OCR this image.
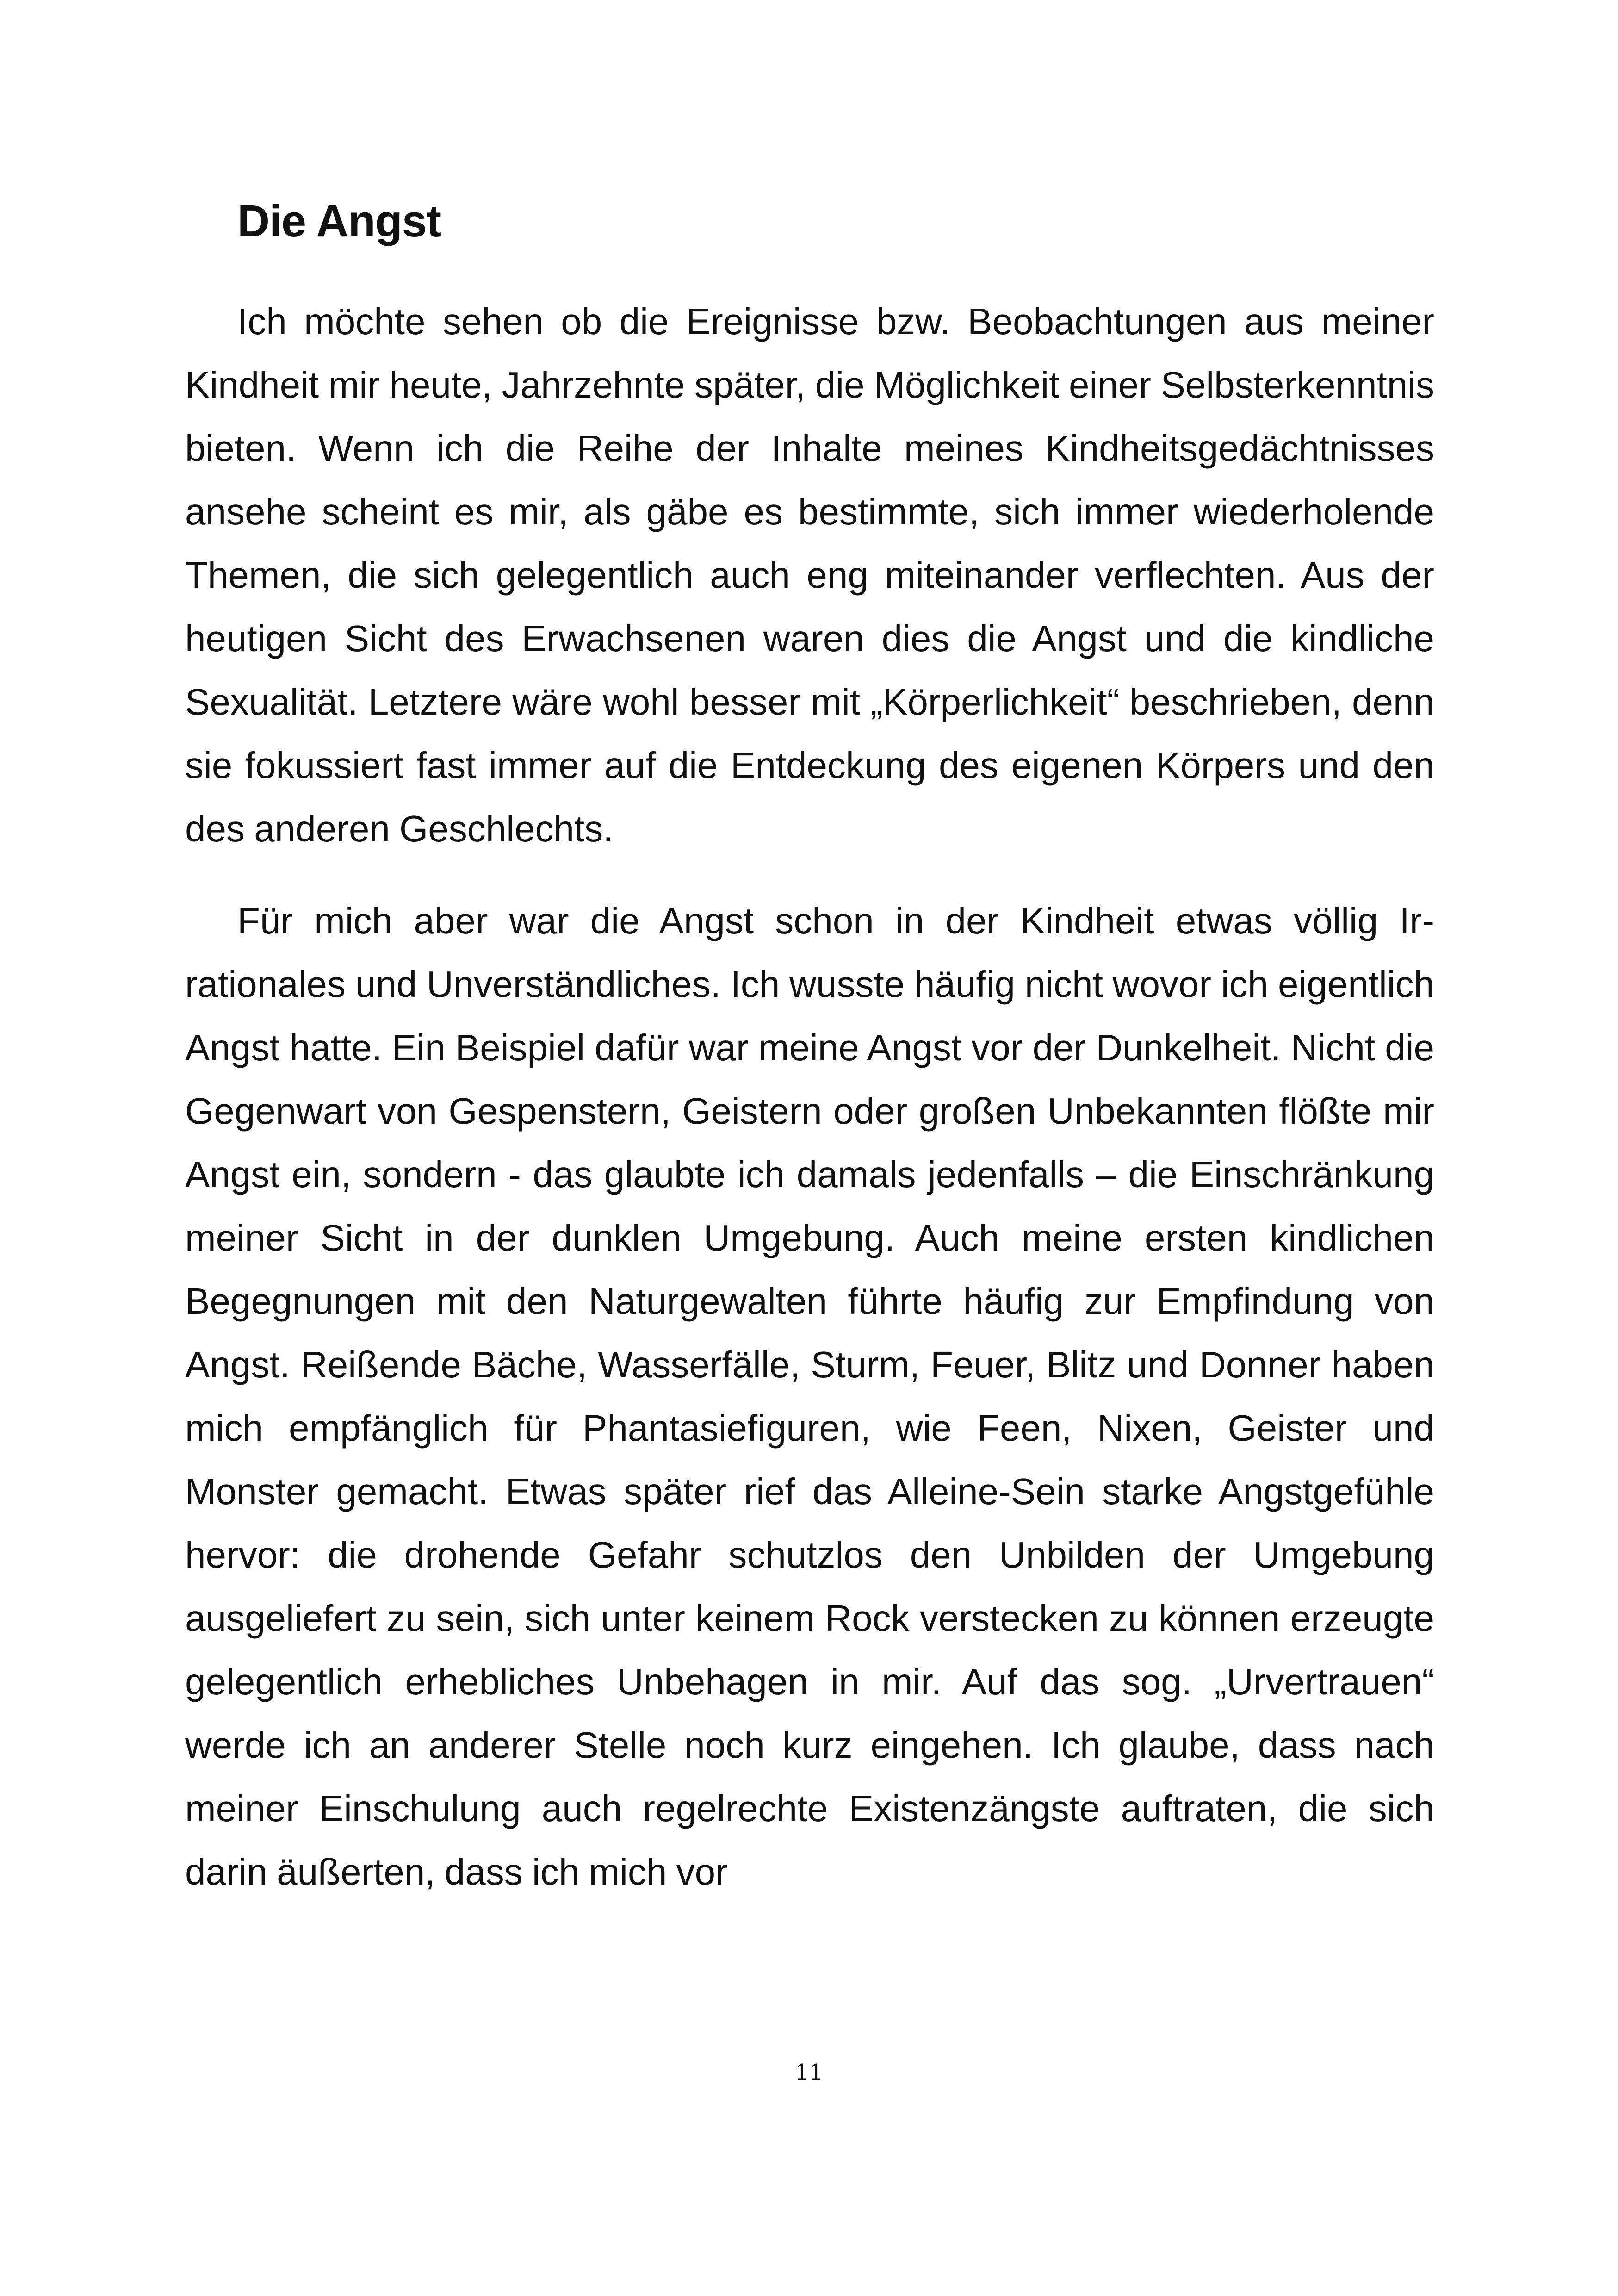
Die Angst

Ich möchte sehen ob die Ereignisse bzw. Beobachtungen aus meiner Kindheit mir heute, Jahrzehnte später, die Möglichkeit einer Selbsterkenntnis bieten. Wenn ich die Reihe der Inhalte meines Kindheitsgedächtnisses ansehe scheint es mir, als gäbe es bestimmte, sich immer wiederholende Themen, die sich gelegentlich auch eng miteinander verflechten. Aus der heutigen Sicht des Erwachsenen waren dies die Angst und die kindliche Sexualität. Letztere wäre wohl besser mit „Körperlichkeit“ beschrieben, denn sie fokussiert fast immer auf die Entdeckung des eigenen Körpers und den des anderen Geschlechts.

Für mich aber war die Angst schon in der Kindheit etwas völlig Irrationales und Unverständliches. Ich wusste häufig nicht wovor ich eigentlich Angst hatte. Ein Beispiel dafür war meine Angst vor der Dunkelheit. Nicht die Gegenwart von Gespenstern, Geistern oder großen Unbekannten flößte mir Angst ein, sondern - das glaubte ich damals jedenfalls – die Einschränkung meiner Sicht in der dunklen Umgebung. Auch meine ersten kindlichen Begegnungen mit den Naturgewalten führte häufig zur Empfindung von Angst. Reißende Bäche, Wasserfälle, Sturm, Feuer, Blitz und Donner haben mich empfänglich für Phantasiefiguren, wie Feen, Nixen, Geister und Monster gemacht. Etwas später rief das Alleine-Sein starke Angstgefühle hervor: die drohende Gefahr schutzlos den Unbilden der Umgebung ausgeliefert zu sein, sich unter keinem Rock verstecken zu können erzeugte gelegentlich erhebliches Unbehagen in mir. Auf das sog. „Urvertrauen“ werde ich an anderer Stelle noch kurz eingehen. Ich glaube, dass nach meiner Einschulung auch regelrechte Existenzängste auftraten, die sich darin äußerten, dass ich mich vor

11
